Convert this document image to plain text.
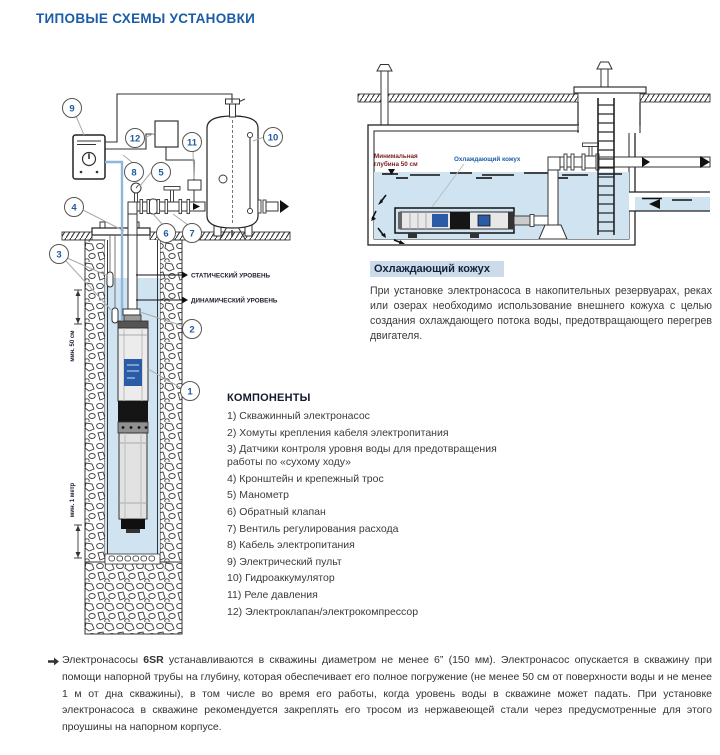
ТИПОВЫЕ СХЕМЫ УСТАНОВКИ
СТАТИЧЕСКИЙ УРОВЕНЬ
ДИНАМИЧЕСКИЙ УРОВЕНЬ
мин. 50 см
мин. 1 метр
9
12	11	10
8 5
4
6 7
3
2
1
Минимальная
глубина 50 см
Охлаждающий кожух
Охлаждающий кожух
При установке электронасоса в накопительных резервуарах, реках или озерах необходимо использование внешнего кожуха с целью создания охлаждающего потока воды, предотвращающего перегрев двигателя.
КОМПОНЕНТЫ
1) Скважинный электронасос
2) Хомуты крепления кабеля электропитания
3) Датчики контроля уровня воды для предотвращения работы по «сухому ходу»
4) Кронштейн и крепежный трос
5) Манометр
6) Обратный клапан
7) Вентиль регулирования расхода
8) Кабель электропитания
9) Электрический пульт
10) Гидроаккумулятор
11) Реле давления
12) Электроклапан/электрокомпрессор
Электронасосы 6SR устанавливаются в скважины диаметром не менее 6” (150 мм). Электронасос опускается в скважину при помощи напорной трубы на глубину, которая обеспечивает его полное погружение (не менее 50 см от поверхности воды и не менее 1 м от дна скважины), в том числе во время его работы, когда уровень воды в скважине может падать. При установке электронасоса в скважине рекомендуется закреплять его тросом из нержавеющей стали через предусмотренные для этого проушины на напорном корпусе.
